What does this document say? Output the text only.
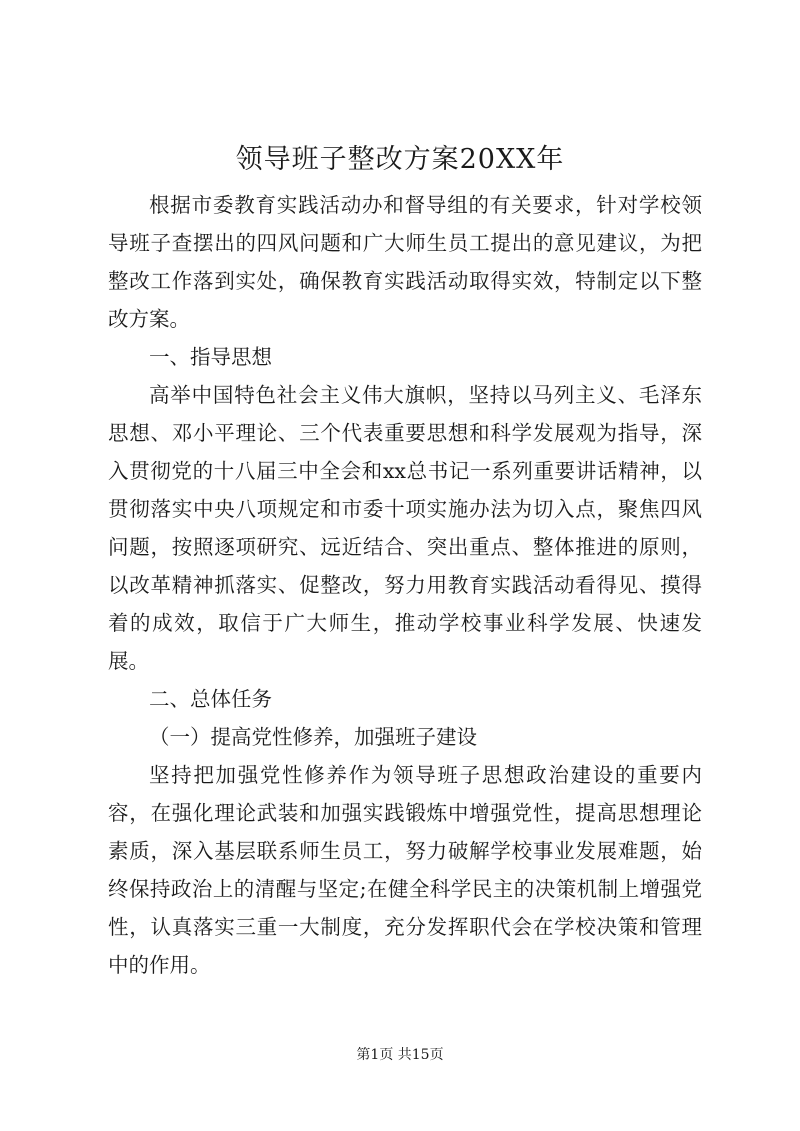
领导班子整改方案20XX年

根据市委教育实践活动办和督导组的有关要求，针对学校领导班子查摆出的四风问题和广大师生员工提出的意见建议，为把整改工作落到实处，确保教育实践活动取得实效，特制定以下整改方案。

一、指导思想

高举中国特色社会主义伟大旗帜，坚持以马列主义、毛泽东思想、邓小平理论、三个代表重要思想和科学发展观为指导，深入贯彻党的十八届三中全会和xx总书记一系列重要讲话精神，以贯彻落实中央八项规定和市委十项实施办法为切入点，聚焦四风问题，按照逐项研究、远近结合、突出重点、整体推进的原则，以改革精神抓落实、促整改，努力用教育实践活动看得见、摸得着的成效，取信于广大师生，推动学校事业科学发展、快速发展。

二、总体任务

（一）提高党性修养，加强班子建设

坚持把加强党性修养作为领导班子思想政治建设的重要内容，在强化理论武装和加强实践锻炼中增强党性，提高思想理论素质，深入基层联系师生员工，努力破解学校事业发展难题，始终保持政治上的清醒与坚定;在健全科学民主的决策机制上增强党性，认真落实三重一大制度，充分发挥职代会在学校决策和管理中的作用。

第1页 共15页
